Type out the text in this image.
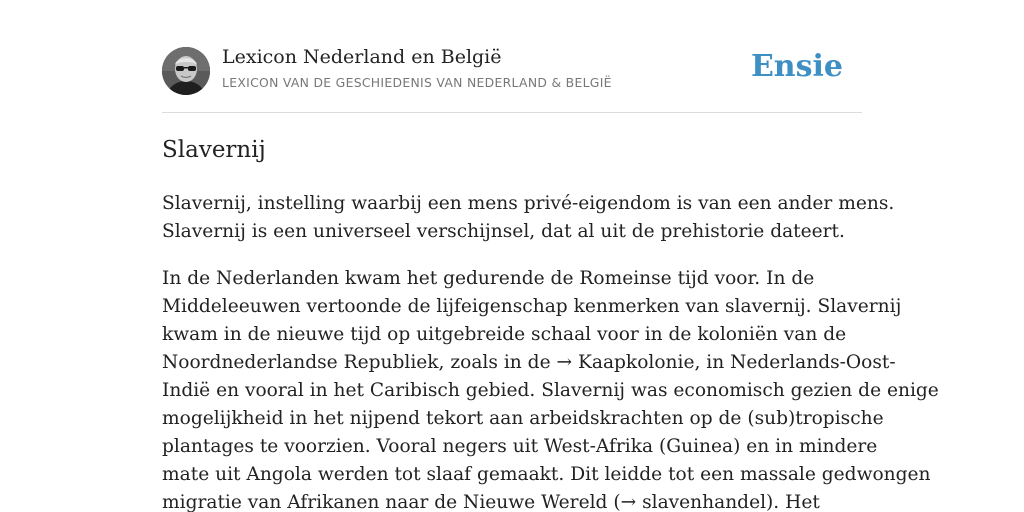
Lexicon Nederland en België
LEXICON VAN DE GESCHIEDENIS VAN NEDERLAND & BELGIË	Ensie
Slavernij

Slavernij, instelling waarbij een mens privé-eigendom is van een ander mens.
Slavernij is een universeel verschijnsel, dat al uit de prehistorie dateert.

In de Nederlanden kwam het gedurende de Romeinse tijd voor. In de
Middeleeuwen vertoonde de lijfeigenschap kenmerken van slavernij. Slavernij
kwam in de nieuwe tijd op uitgebreide schaal voor in de koloniën van de
Noordnederlandse Republiek, zoals in de → Kaapkolonie, in Nederlands-Oost-
Indië en vooral in het Caribisch gebied. Slavernij was economisch gezien de enige
mogelijkheid in het nijpend tekort aan arbeidskrachten op de (sub)tropische
plantages te voorzien. Vooral negers uit West-Afrika (Guinea) en in mindere
mate uit Angola werden tot slaaf gemaakt. Dit leidde tot een massale gedwongen
migratie van Afrikanen naar de Nieuwe Wereld (→ slavenhandel). Het
